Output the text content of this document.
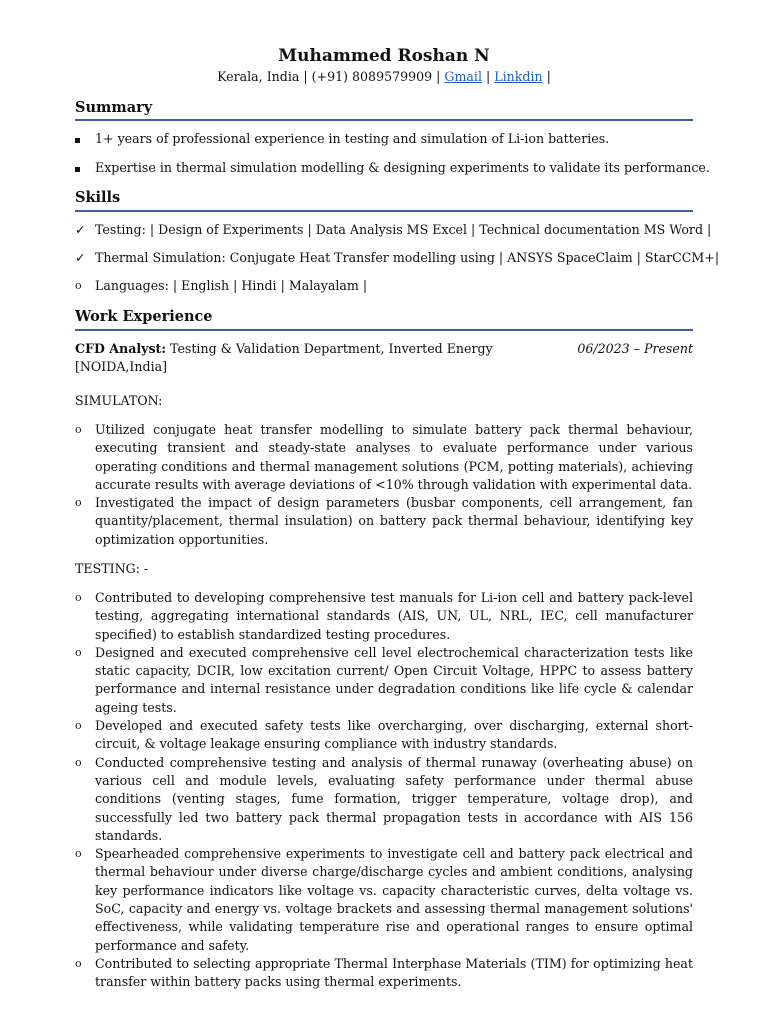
Muhammed Roshan N
Kerala, India | (+91) 8089579909 | Gmail | Linkdin |
Summary
1+ years of professional experience in testing and simulation of Li-ion batteries.
Expertise in thermal simulation modelling & designing experiments to validate its performance.
Skills
✓ Testing: | Design of Experiments | Data Analysis MS Excel | Technical documentation MS Word |
✓ Thermal Simulation: Conjugate Heat Transfer modelling using | ANSYS SpaceClaim | StarCCM+|
o	Languages: | English | Hindi | Malayalam |
Work Experience
CFD Analyst: Testing & Validation Department, Inverted Energy	06/2023 – Present
[NOIDA,India]
SIMULATON:
o	Utilized conjugate heat transfer modelling to simulate battery pack thermal behaviour, executing transient and steady-state analyses to evaluate performance under various operating conditions and thermal management solutions (PCM, potting materials), achieving accurate results with average deviations of <10% through validation with experimental data.
o	Investigated the impact of design parameters (busbar components, cell arrangement, fan quantity/placement, thermal insulation) on battery pack thermal behaviour, identifying key optimization opportunities.
TESTING: -
o	Contributed to developing comprehensive test manuals for Li-ion cell and battery pack-level testing, aggregating international standards (AIS, UN, UL, NRL, IEC, cell manufacturer specified) to establish standardized testing procedures.
o	Designed and executed comprehensive cell level electrochemical characterization tests like static capacity, DCIR, low excitation current/ Open Circuit Voltage, HPPC to assess battery performance and internal resistance under degradation conditions like life cycle & calendar ageing tests.
o	Developed and executed safety tests like overcharging, over discharging, external short-circuit, & voltage leakage ensuring compliance with industry standards.
o	Conducted comprehensive testing and analysis of thermal runaway (overheating abuse) on various cell and module levels, evaluating safety performance under thermal abuse conditions (venting stages, fume formation, trigger temperature, voltage drop), and successfully led two battery pack thermal propagation tests in accordance with AIS 156 standards.
o	Spearheaded comprehensive experiments to investigate cell and battery pack electrical and thermal behaviour under diverse charge/discharge cycles and ambient conditions, analysing key performance indicators like voltage vs. capacity characteristic curves, delta voltage vs. SoC, capacity and energy vs. voltage brackets and assessing thermal management solutions' effectiveness, while validating temperature rise and operational ranges to ensure optimal performance and safety.
o	Contributed to selecting appropriate Thermal Interphase Materials (TIM) for optimizing heat transfer within battery packs using thermal experiments.
